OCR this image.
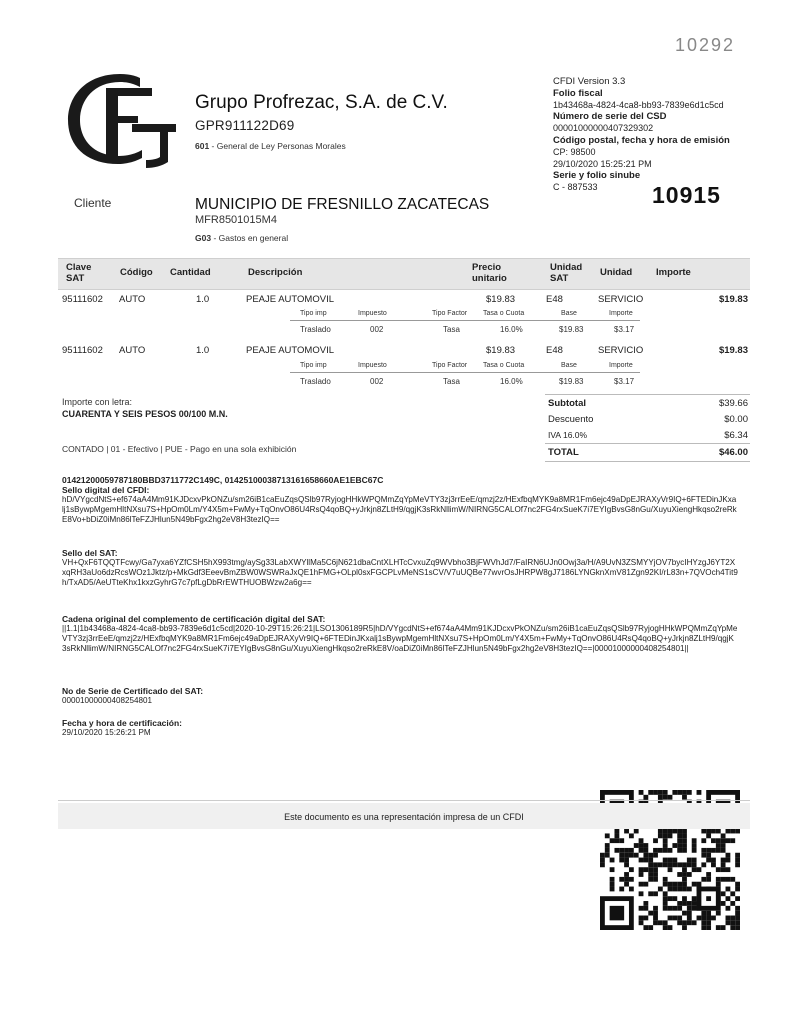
10292
Grupo Profrezac, S.A. de C.V.
GPR911122D69
601 - General de Ley Personas Morales
CFDI Version 3.3
Folio fiscal
1b43468a-4824-4ca8-bb93-7839e6d1c5cd
Número de serie del CSD
00001000000407329302
Código postal, fecha y hora de emisión
CP: 98500
29/10/2020 15:25:21 PM
Serie y folio sinube
C - 887533	10915
Cliente	MUNICIPIO DE FRESNILLO ZACATECAS
MFR8501015M4
G03 - Gastos en general
Clave SAT	Código Cantidad	Descripción	Precio unitario
Unidad SAT	Unidad	Importe
95111602 AUTO	1.0	PEAJE AUTOMOVIL	$19.83	E48	SERVICIO	$19.83
Tipo imp	Impuesto	Tipo Factor Tasa o Cuota	Base	Importe
Traslado	002	Tasa	16.0%	$19.83	$3.17
95111602 AUTO	1.0	PEAJE AUTOMOVIL	$19.83	E48	SERVICIO	$19.83
Tipo imp	Impuesto	Tipo Factor Tasa o Cuota	Base	Importe
Traslado	002	Tasa	16.0%	$19.83	$3.17
Importe con letra:
CUARENTA Y SEIS PESOS 00/100 M.N.
CONTADO | 01 - Efectivo | PUE - Pago en una sola exhibición
Subtotal	$39.66
Descuento	$0.00
IVA 16.0%	$6.34
TOTAL	$46.00
01421200059787180BBD3711772C149C, 01425100038713161658660AE1EBC67C
Sello digital del CFDI:
hD/VYgcdNtS+ef674aA4Mm91KJDcxvPkONZu/sm26iB1caEuZqsQSlb97RyjogHHkWPQMmZqYpMeVTY3zj3rrEeE/qmzj2z/HExfbqMYK9a8MR1Fm6ejc49aDpEJRAXyVr9IQ+6FTEDinJKxalj1sBywpMgemHltNXsu7S+HpOm0Lm/Y4X5m+FwMy+TqOnvO86U4RsQ4qoBQ+yJrkjn8ZLtH9/qgjK3sRkNllimW/NIRNG5CALOf7nc2FG4rxSueK7i7EYIgBvsG8nGu/XuyuXiengHkqso2reRkE8Vo+bDiZ0iMn86lTeFZJHlun5N49bFgx2hg2eV8H3tezIQ==
Sello del SAT:
VH+QxF6TQQTFcwy/Ga7yxa6YZfCSH5hX993tmg/aySg33LabXWYllMa5C6jN621dbaCntXLHTcCvxuZq9WVbho3BjFWVhJd7/FaIRN6UJn0Owj3a/H/A9UvN3ZSMYYjOV7bycIHYzgJ6YT2XxqRH3aUo6dzRcsWOz1Jktz/p+MkGdf3EeevBmZBW0WSWRaJxQE1hFMG+OLpl0sxFGCPLvMeNS1sCV/V7uUQBe77wvrOsJHRPW8gJ7186LYNGknXmV81Zgn92KI/rL83n+7QVOch4Tit9h/TxAD5/AeUTteKhx1kxzGyhrG7c7pfLgDbRrEWTHUOBWzw2a6g==
Cadena original del complemento de certificación digital del SAT:
||1.1|1b43468a-4824-4ca8-bb93-7839e6d1c5cd|2020-10-29T15:26:21|LSO1306189R5|hD/VYgcdNtS+ef674aA4Mm91KJDcxvPkONZu/sm26iB1caEuZqsQSlb97RyjogHHkWPQMmZqYpMeVTY3zj3rrEeE/qmzj2z/HExfbqMYK9a8MR1Fm6ejc49aDpEJRAXyVr9IQ+6FTEDinJKxalj1sBywpMgemHltNXsu7S+HpOm0Lm/Y4X5m+FwMy+TqOnvO86U4RsQ4qoBQ+yJrkjn8ZLtH9/qgjK3sRkNllimW/NIRNG5CALOf7nc2FG4rxSueK7i7EYIgBvsG8nGu/XuyuXiengHkqso2reRkE8V/oaDiZ0iMn86lTeFZJHlun5N49bFgx2hg2eV8H3tezIQ==|00001000000408254801||
No de Serie de Certificado del SAT:
00001000000408254801
Fecha y hora de certificación:
29/10/2020 15:26:21 PM
Este documento es una representación impresa de un CFDI
